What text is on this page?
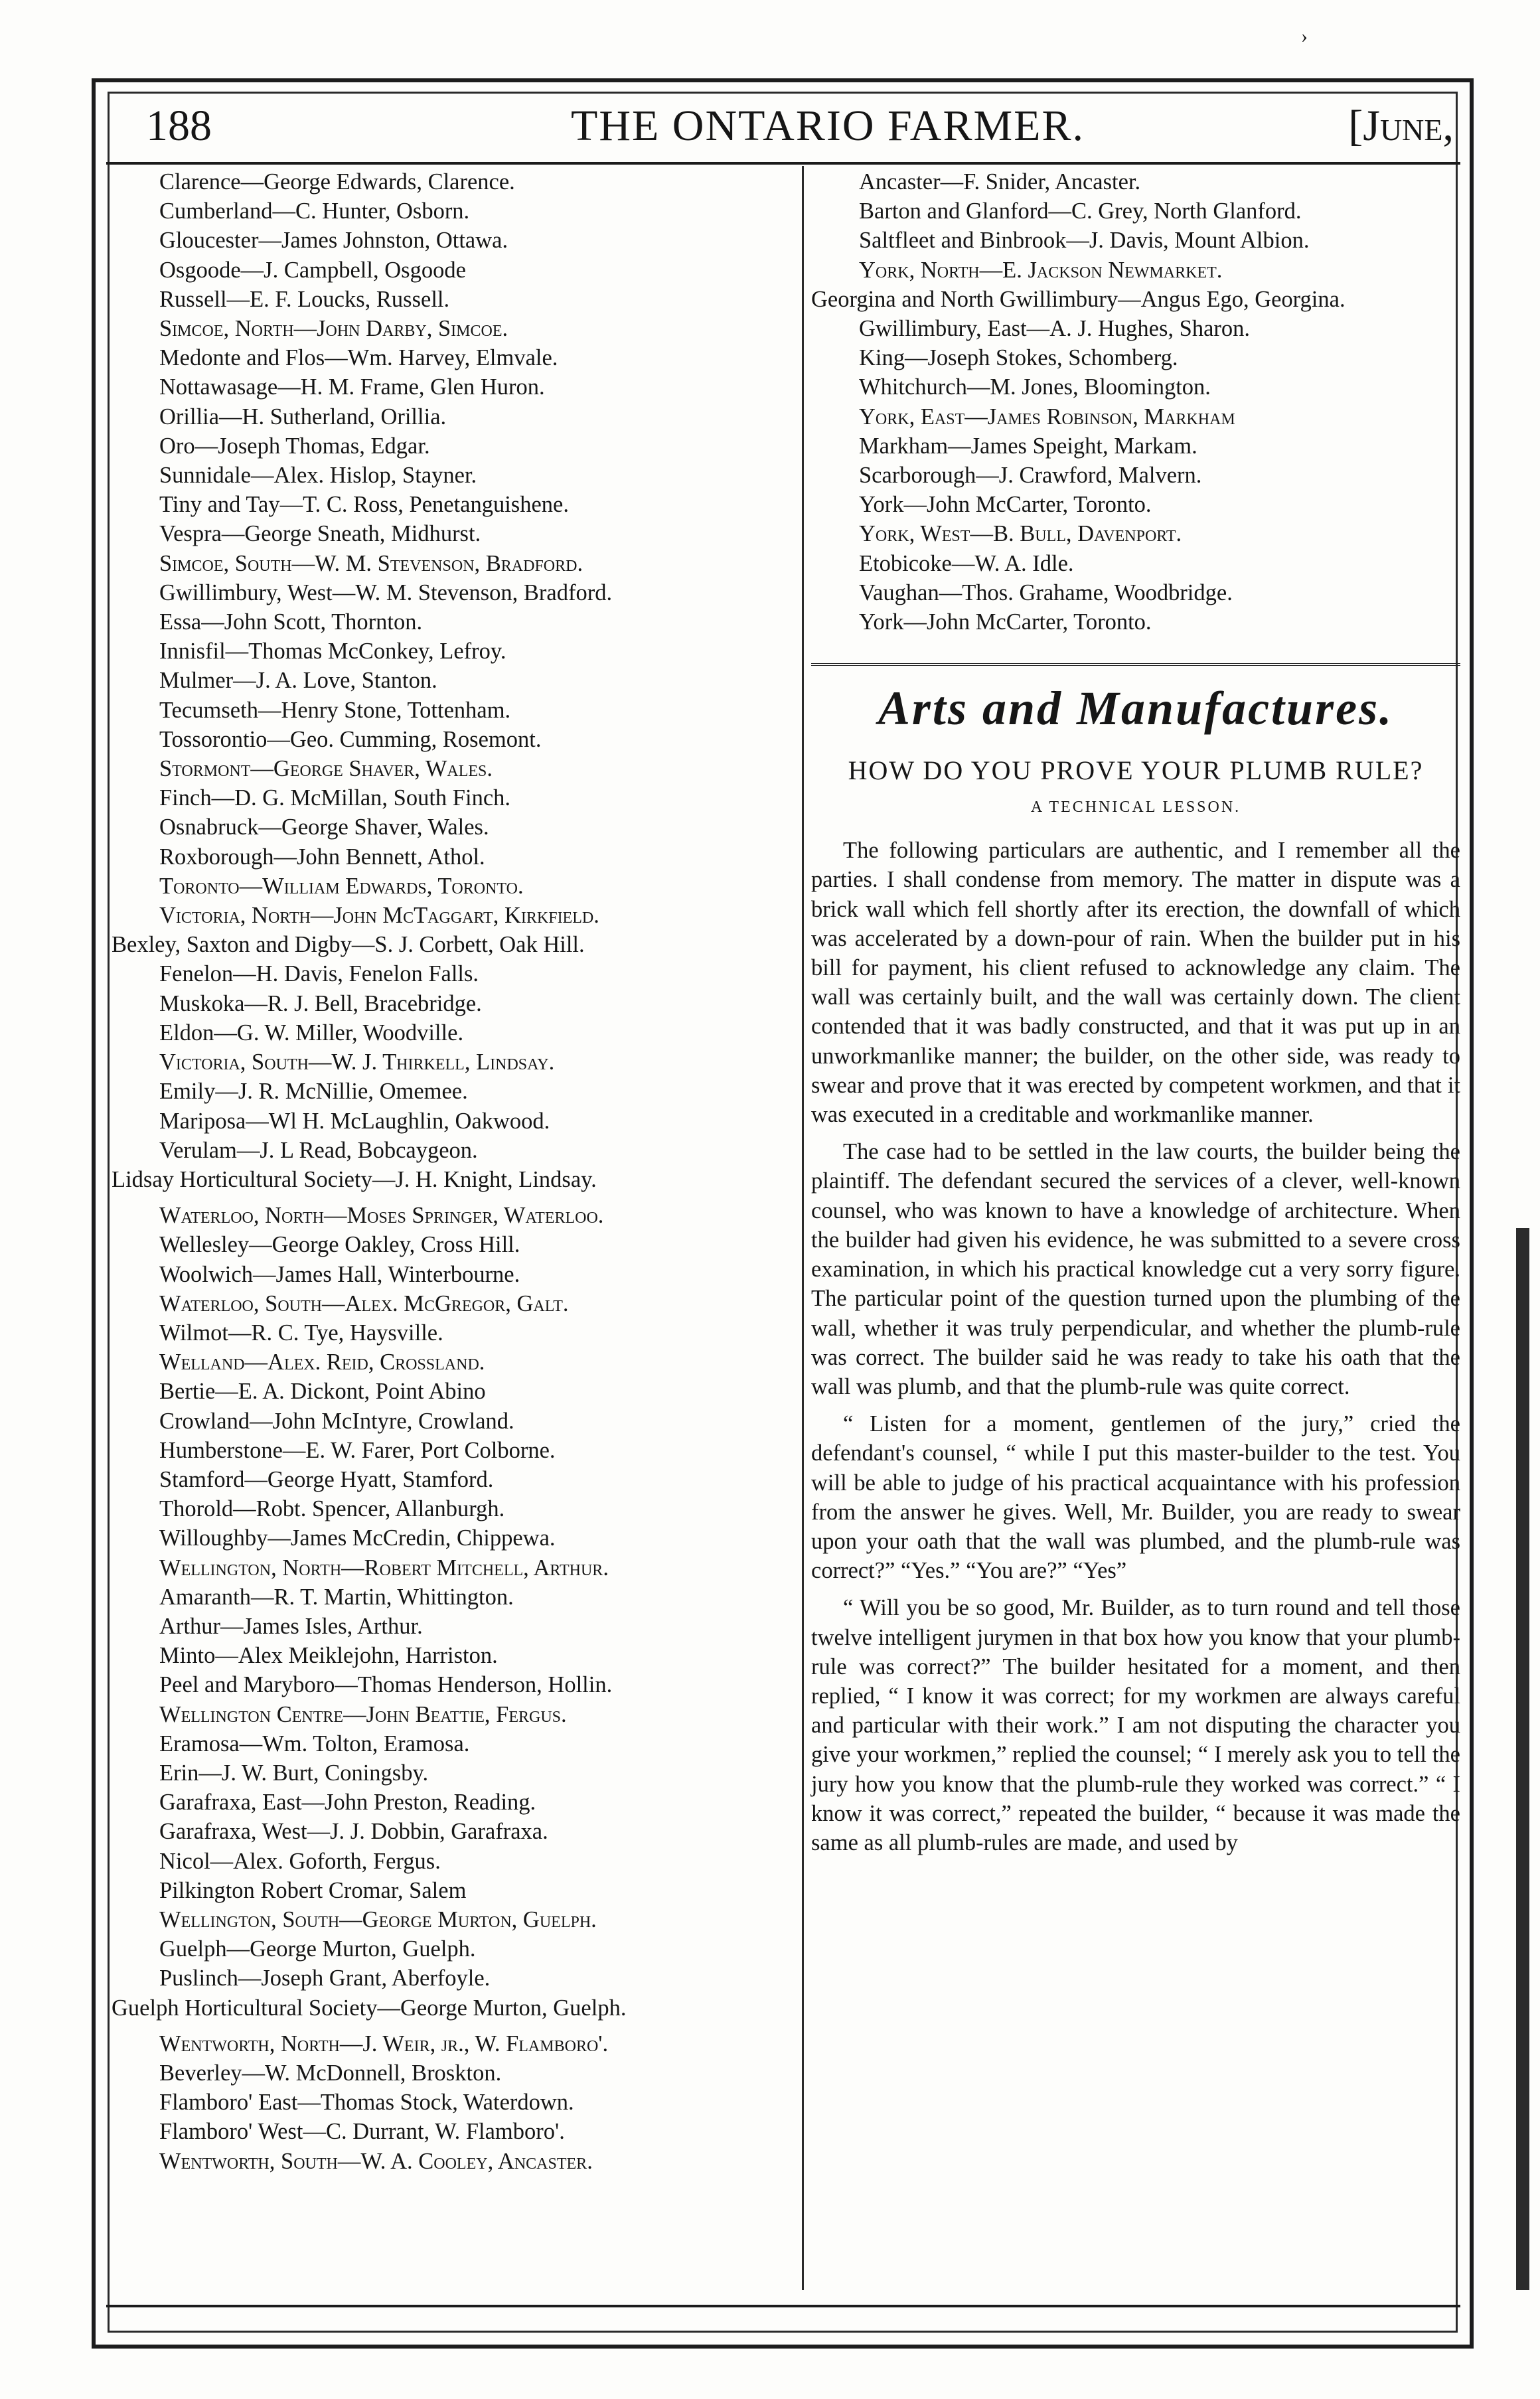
›
188	THE ONTARIO FARMER.	[June,
Clarence—George Edwards, Clarence.
Cumberland—C. Hunter, Osborn.
Gloucester—James Johnston, Ottawa.
Osgoode—J. Campbell, Osgoode
Russell—E. F. Loucks, Russell.
Simcoe, North—John Darby, Simcoe.
Medonte and Flos—Wm. Harvey, Elmvale.
Nottawasage—H. M. Frame, Glen Huron.
Orillia—H. Sutherland, Orillia.
Oro—Joseph Thomas, Edgar.
Sunnidale—Alex. Hislop, Stayner.
Tiny and Tay—T. C. Ross, Penetanguishene.
Vespra—George Sneath, Midhurst.
Simcoe, South—W. M. Stevenson, Bradford.
Gwillimbury, West—W. M. Stevenson, Bradford.
Essa—John Scott, Thornton.
Innisfil—Thomas McConkey, Lefroy.
Mulmer—J. A. Love, Stanton.
Tecumseth—Henry Stone, Tottenham.
Tossorontio—Geo. Cumming, Rosemont.
Stormont—George Shaver, Wales.
Finch—D. G. McMillan, South Finch.
Osnabruck—George Shaver, Wales.
Roxborough—John Bennett, Athol.
Toronto—William Edwards, Toronto.
Victoria, North—John McTaggart, Kirkfield.
Bexley, Saxton and Digby—S. J. Corbett, Oak Hill.
Fenelon—H. Davis, Fenelon Falls.
Muskoka—R. J. Bell, Bracebridge.
Eldon—G. W. Miller, Woodville.
Victoria, South—W. J. Thirkell, Lindsay.
Emily—J. R. McNillie, Omemee.
Mariposa—Wl H. McLaughlin, Oakwood.
Verulam—J. L Read, Bobcaygeon.
Lidsay Horticultural Society—J. H. Knight, Lindsay.
Waterloo, North—Moses Springer, Waterloo.
Wellesley—George Oakley, Cross Hill.
Woolwich—James Hall, Winterbourne.
Waterloo, South—Alex. McGregor, Galt.
Wilmot—R. C. Tye, Haysville.
Welland—Alex. Reid, Crossland.
Bertie—E. A. Dickont, Point Abino
Crowland—John McIntyre, Crowland.
Humberstone—E. W. Farer, Port Colborne.
Stamford—George Hyatt, Stamford.
Thorold—Robt. Spencer, Allanburgh.
Willoughby—James McCredin, Chippewa.
Wellington, North—Robert Mitchell, Arthur.
Amaranth—R. T. Martin, Whittington.
Arthur—James Isles, Arthur.
Minto—Alex Meiklejohn, Harriston.
Peel and Maryboro—Thomas Henderson, Hollin.
Wellington Centre—John Beattie, Fergus.
Eramosa—Wm. Tolton, Eramosa.
Erin—J. W. Burt, Coningsby.
Garafraxa, East—John Preston, Reading.
Garafraxa, West—J. J. Dobbin, Garafraxa.
Nicol—Alex. Goforth, Fergus.
Pilkington Robert Cromar, Salem
Wellington, South—George Murton, Guelph.
Guelph—George Murton, Guelph.
Puslinch—Joseph Grant, Aberfoyle.
Guelph Horticultural Society—George Murton, Guelph.
Wentworth, North—J. Weir, jr., W. Flamboro'.
Beverley—W. McDonnell, Broskton.
Flamboro' East—Thomas Stock, Waterdown.
Flamboro' West—C. Durrant, W. Flamboro'.
Wentworth, South—W. A. Cooley, Ancaster.
Ancaster—F. Snider, Ancaster.
Barton and Glanford—C. Grey, North Glanford.
Saltfleet and Binbrook—J. Davis, Mount Albion.
York, North—E. Jackson Newmarket.
Georgina and North Gwillimbury—Angus Ego, Georgina.
Gwillimbury, East—A. J. Hughes, Sharon.
King—Joseph Stokes, Schomberg.
Whitchurch—M. Jones, Bloomington.
York, East—James Robinson, Markham
Markham—James Speight, Markam.
Scarborough—J. Crawford, Malvern.
York—John McCarter, Toronto.
York, West—B. Bull, Davenport.
Etobicoke—W. A. Idle.
Vaughan—Thos. Grahame, Woodbridge.
York—John McCarter, Toronto.
Arts and Manufactures.
HOW DO YOU PROVE YOUR PLUMB RULE?
A TECHNICAL LESSON.

The following particulars are authentic, and I remember all the parties. I shall condense from memory. The matter in dispute was a brick wall which fell shortly after its erection, the downfall of which was accelerated by a down-pour of rain. When the builder put in his bill for payment, his client refused to acknowledge any claim. The wall was certainly built, and the wall was certainly down. The client contended that it was badly constructed, and that it was put up in an unworkmanlike manner; the builder, on the other side, was ready to swear and prove that it was erected by competent workmen, and that it was executed in a creditable and workmanlike manner.

The case had to be settled in the law courts, the builder being the plaintiff. The defendant secured the services of a clever, well-known counsel, who was known to have a knowledge of architecture. When the builder had given his evidence, he was submitted to a severe cross examination, in which his practical knowledge cut a very sorry figure. The particular point of the question turned upon the plumbing of the wall, whether it was truly perpendicular, and whether the plumb-rule was correct. The builder said he was ready to take his oath that the wall was plumb, and that the plumb-rule was quite correct.

“ Listen for a moment, gentlemen of the jury,” cried the defendant's counsel, “ while I put this master-builder to the test. You will be able to judge of his practical acquaintance with his profession from the answer he gives. Well, Mr. Builder, you are ready to swear upon your oath that the wall was plumbed, and the plumb-rule was correct?” “Yes.” “You are?” “Yes”

“ Will you be so good, Mr. Builder, as to turn round and tell those twelve intelligent jurymen in that box how you know that your plumb-rule was correct?” The builder hesitated for a moment, and then replied, “ I know it was correct; for my workmen are always careful and particular with their work.” I am not disputing the character you give your workmen,” replied the counsel; “ I merely ask you to tell the jury how you know that the plumb-rule they worked was correct.” “ I know it was correct,” repeated the builder, “ because it was made the same as all plumb-rules are made, and used by
